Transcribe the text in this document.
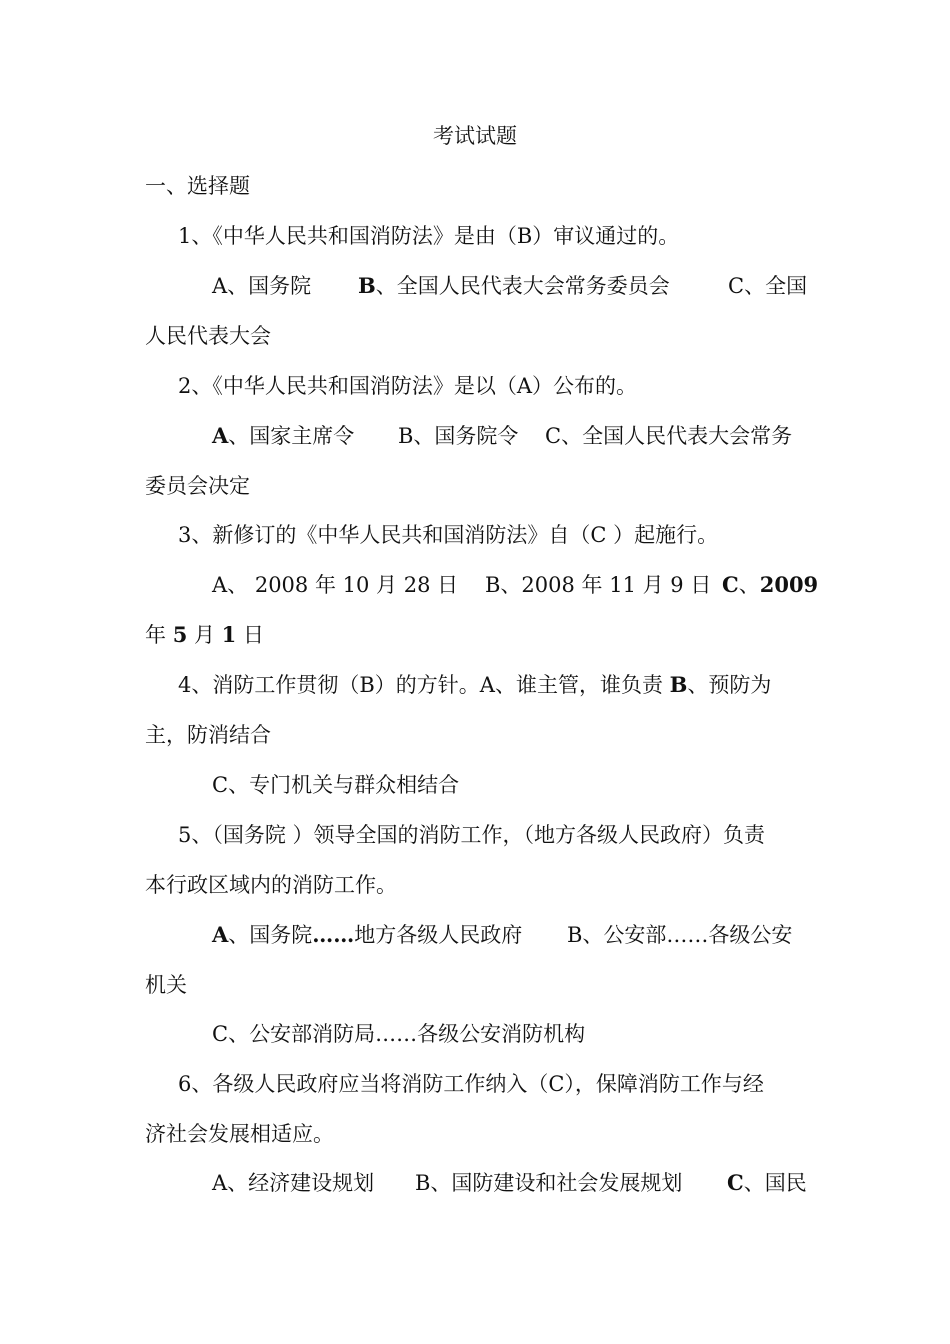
考试试题
一、选择题
1、《中华人民共和国消防法》是由（B）审议通过的。
A、国务院 B、全国人民代表大会常务委员会	C、全国
人民代表大会
2、《中华人民共和国消防法》是以（A）公布的。
A、国家主席令 B、国务院令 C、全国人民代表大会常务
委员会决定
3、新修订的《中华人民共和国消防法》自（C ）起施行。
A、 2008 年 10 月 28 日 B、2008 年 11 月 9 日 C、2009
年 5 月 1 日
4、消防工作贯彻（B）的方针。A、谁主管，谁负责 B、预防为
主，防消结合
C、专门机关与群众相结合
5、（国务院 ）领导全国的消防工作，（地方各级人民政府）负责
本行政区域内的消防工作。
A、国务院……地方各级人民政府 B、公安部……各级公安
机关
C、公安部消防局……各级公安消防机构
6、各级人民政府应当将消防工作纳入（C），保障消防工作与经
济社会发展相适应。
A、经济建设规划 B、国防建设和社会发展规划 C、国民
